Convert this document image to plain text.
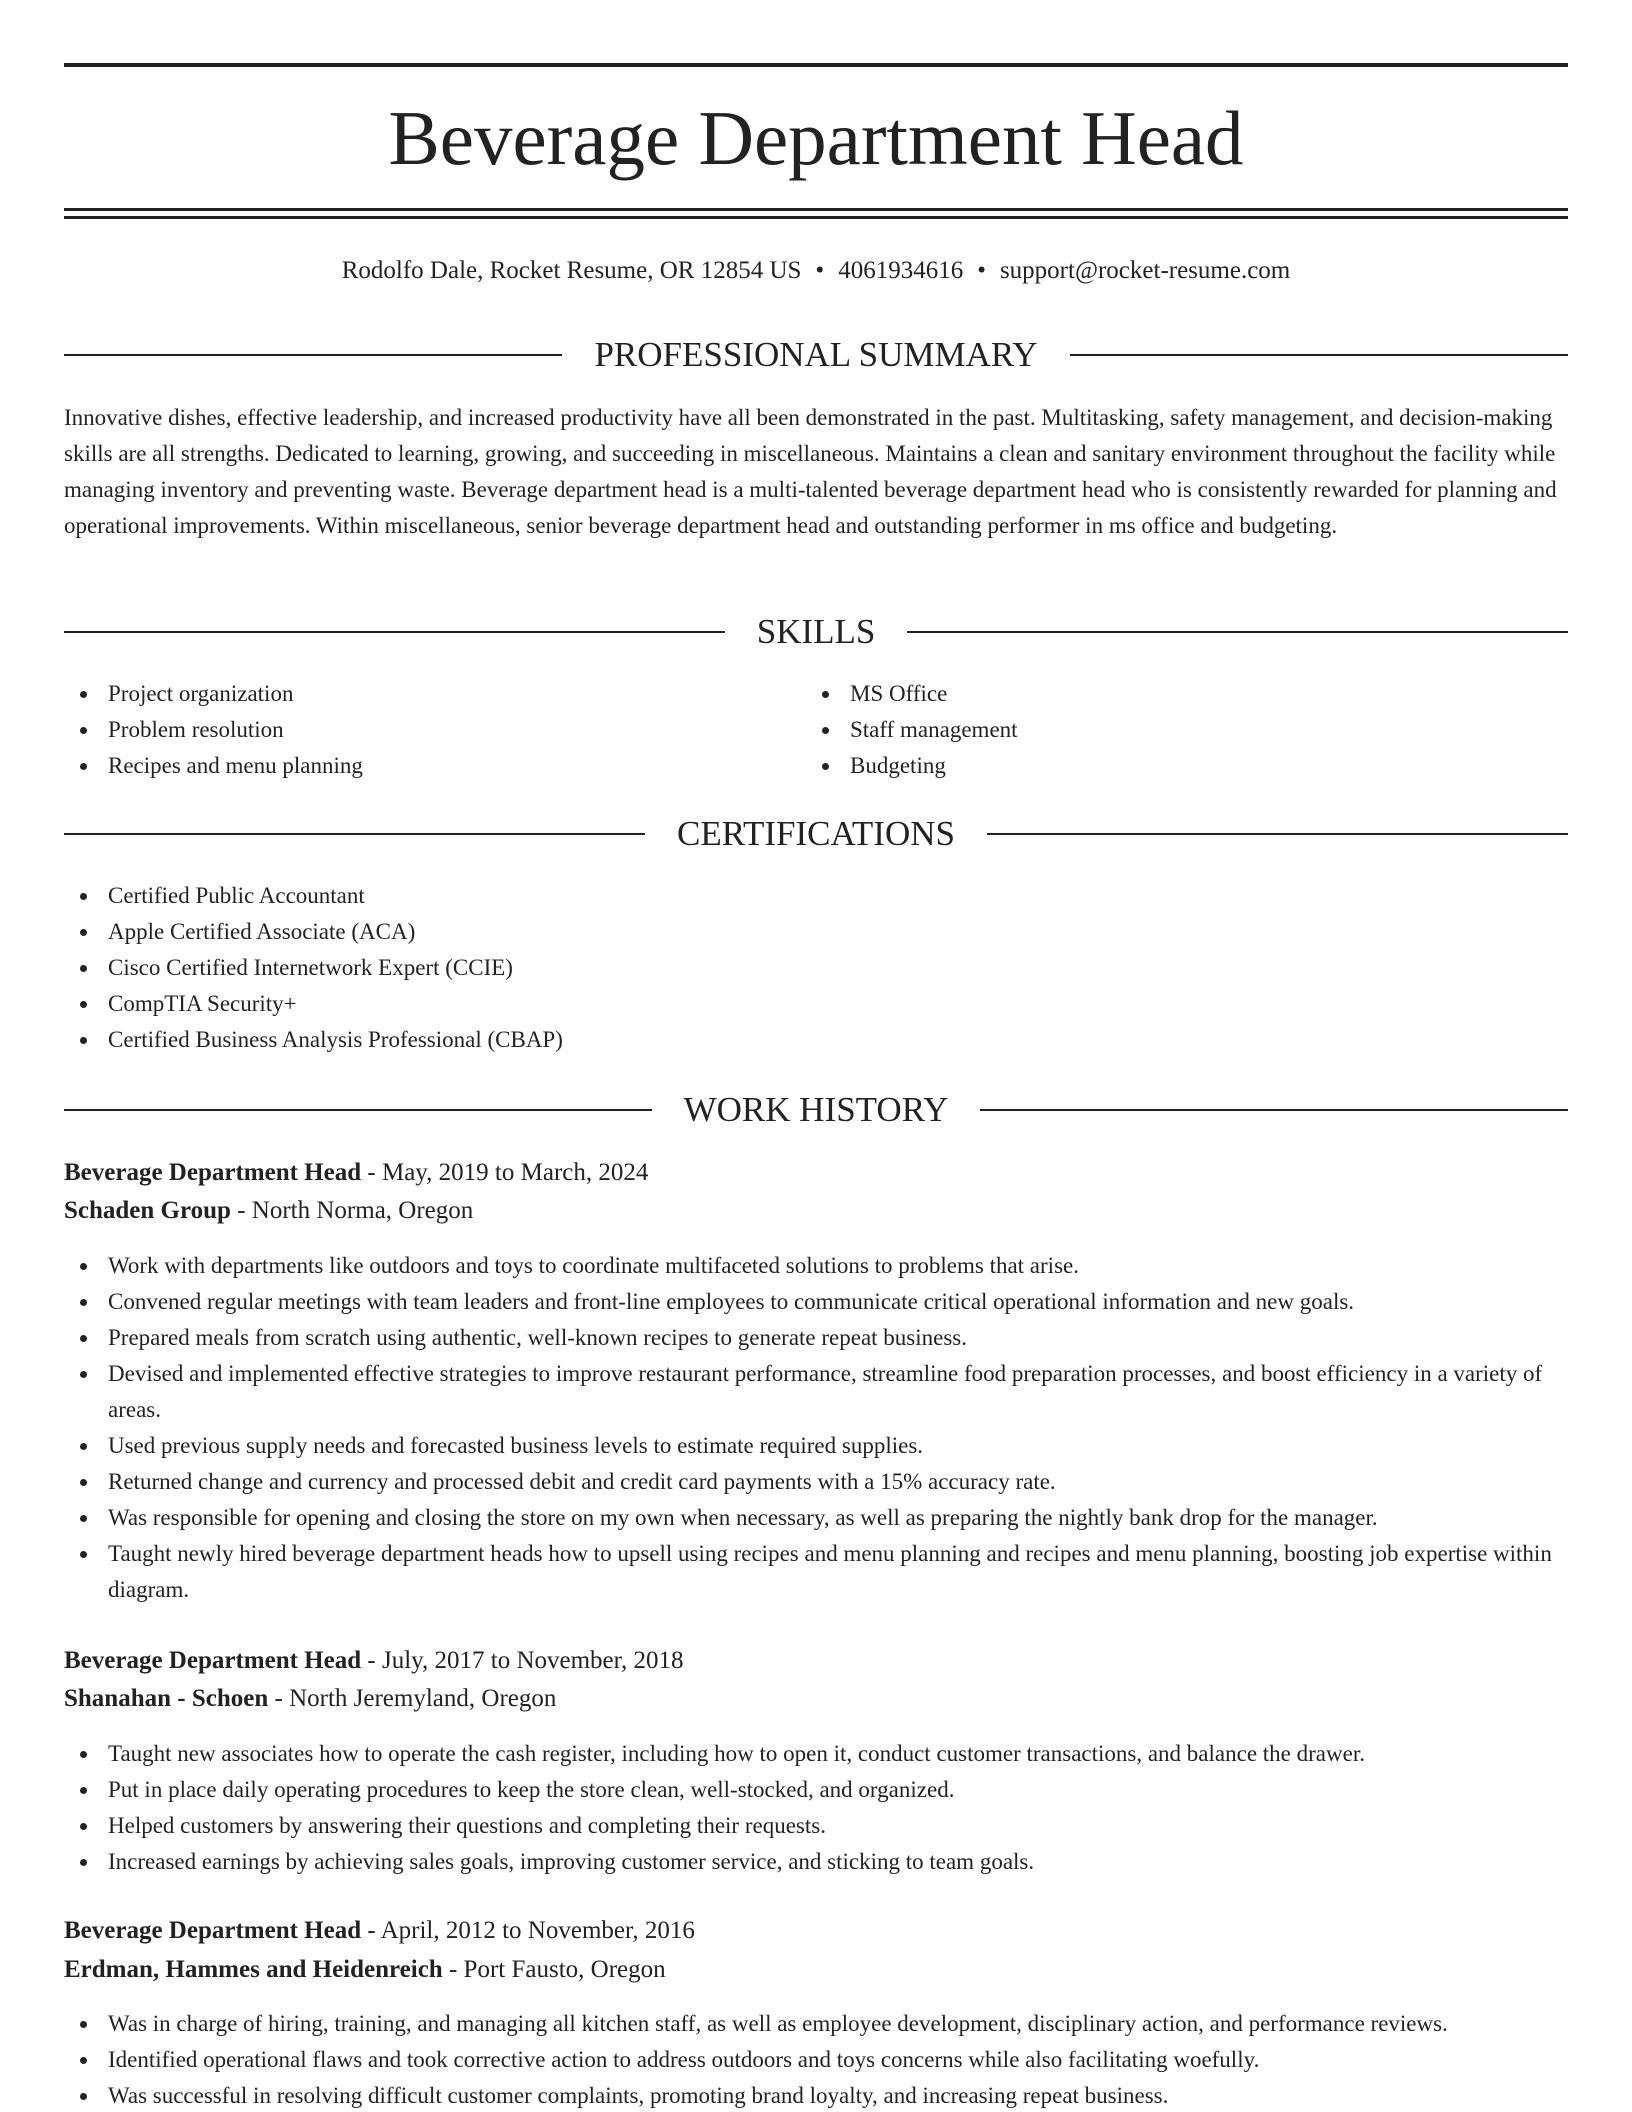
Beverage Department Head
Rodolfo Dale, Rocket Resume, OR 12854 US • 4061934616 • support@rocket-resume.com
PROFESSIONAL SUMMARY

Innovative dishes, effective leadership, and increased productivity have all been demonstrated in the past. Multitasking, safety management, and decision-making skills are all strengths. Dedicated to learning, growing, and succeeding in miscellaneous. Maintains a clean and sanitary environment throughout the facility while managing inventory and preventing waste. Beverage department head is a multi-talented beverage department head who is consistently rewarded for planning and operational improvements. Within miscellaneous, senior beverage department head and outstanding performer in ms office and budgeting.

SKILLS
Project organization
Problem resolution
Recipes and menu planning
MS Office
Staff management
Budgeting
CERTIFICATIONS
Certified Public Accountant
Apple Certified Associate (ACA)
Cisco Certified Internetwork Expert (CCIE)
CompTIA Security+
Certified Business Analysis Professional (CBAP)
WORK HISTORY
Beverage Department Head - May, 2019 to March, 2024
Schaden Group - North Norma, Oregon
Work with departments like outdoors and toys to coordinate multifaceted solutions to problems that arise.
Convened regular meetings with team leaders and front-line employees to communicate critical operational information and new goals.
Prepared meals from scratch using authentic, well-known recipes to generate repeat business.
Devised and implemented effective strategies to improve restaurant performance, streamline food preparation processes, and boost efficiency in a variety of areas.
Used previous supply needs and forecasted business levels to estimate required supplies.
Returned change and currency and processed debit and credit card payments with a 15% accuracy rate.
Was responsible for opening and closing the store on my own when necessary, as well as preparing the nightly bank drop for the manager.
Taught newly hired beverage department heads how to upsell using recipes and menu planning and recipes and menu planning, boosting job expertise within diagram.
Beverage Department Head - July, 2017 to November, 2018
Shanahan - Schoen - North Jeremyland, Oregon
Taught new associates how to operate the cash register, including how to open it, conduct customer transactions, and balance the drawer.
Put in place daily operating procedures to keep the store clean, well-stocked, and organized.
Helped customers by answering their questions and completing their requests.
Increased earnings by achieving sales goals, improving customer service, and sticking to team goals.
Beverage Department Head - April, 2012 to November, 2016
Erdman, Hammes and Heidenreich - Port Fausto, Oregon
Was in charge of hiring, training, and managing all kitchen staff, as well as employee development, disciplinary action, and performance reviews.
Identified operational flaws and took corrective action to address outdoors and toys concerns while also facilitating woefully.
Was successful in resolving difficult customer complaints, promoting brand loyalty, and increasing repeat business.
